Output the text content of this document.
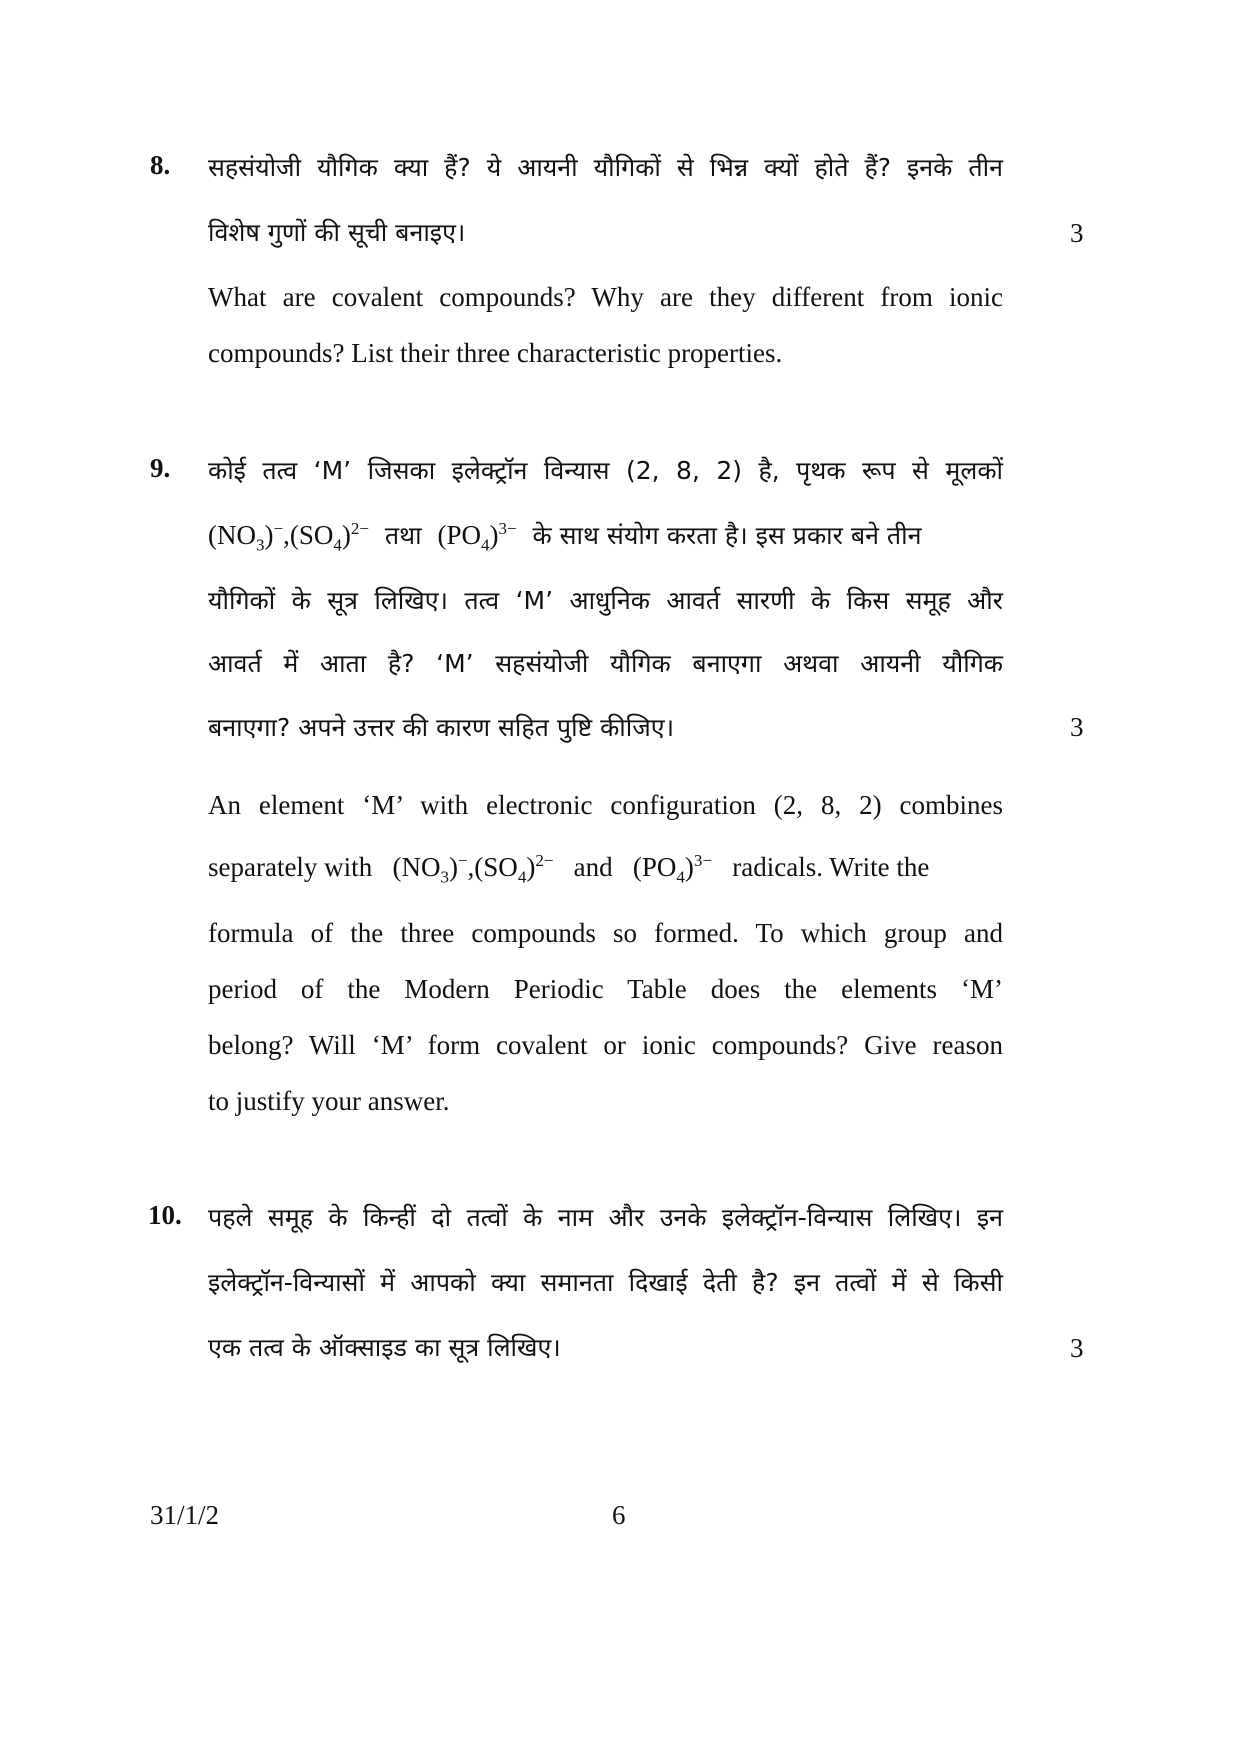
8. सहसंयोजी यौगिक क्या हैं? ये आयनी यौगिकों से भिन्न क्यों होते हैं? इनके तीन
विशेष गुणों की सूची बनाइए।	3
What are covalent compounds? Why are they different from ionic
compounds? List their three characteristic properties.
9. कोई तत्व ‘M’ जिसका इलेक्ट्रॉन विन्यास (2, 8, 2) है, पृथक रूप से मूलकों
$(NO_3)^-,(SO_4)^{2-}$ तथा $(PO_4)^{3-}$ के साथ संयोग करता है। इस प्रकार बने तीन
यौगिकों के सूत्र लिखिए। तत्व ‘M’ आधुनिक आवर्त सारणी के किस समूह और
आवर्त में आता है? ‘M’ सहसंयोजी यौगिक बनाएगा अथवा आयनी यौगिक
बनाएगा? अपने उत्तर की कारण सहित पुष्टि कीजिए।	3
An element ‘M’ with electronic configuration (2, 8, 2) combines
separately with $(NO_3)^-,(SO_4)^{2-}$ and $(PO_4)^{3-}$ radicals. Write the
formula of the three compounds so formed. To which group and
period of the Modern Periodic Table does the elements ‘M’
belong? Will ‘M’ form covalent or ionic compounds? Give reason
to justify your answer.
10. पहले समूह के किन्हीं दो तत्वों के नाम और उनके इलेक्ट्रॉन-विन्यास लिखिए। इन
इलेक्ट्रॉन-विन्यासों में आपको क्या समानता दिखाई देती है? इन तत्वों में से किसी
एक तत्व के ऑक्साइड का सूत्र लिखिए।	3
31/1/2	6
